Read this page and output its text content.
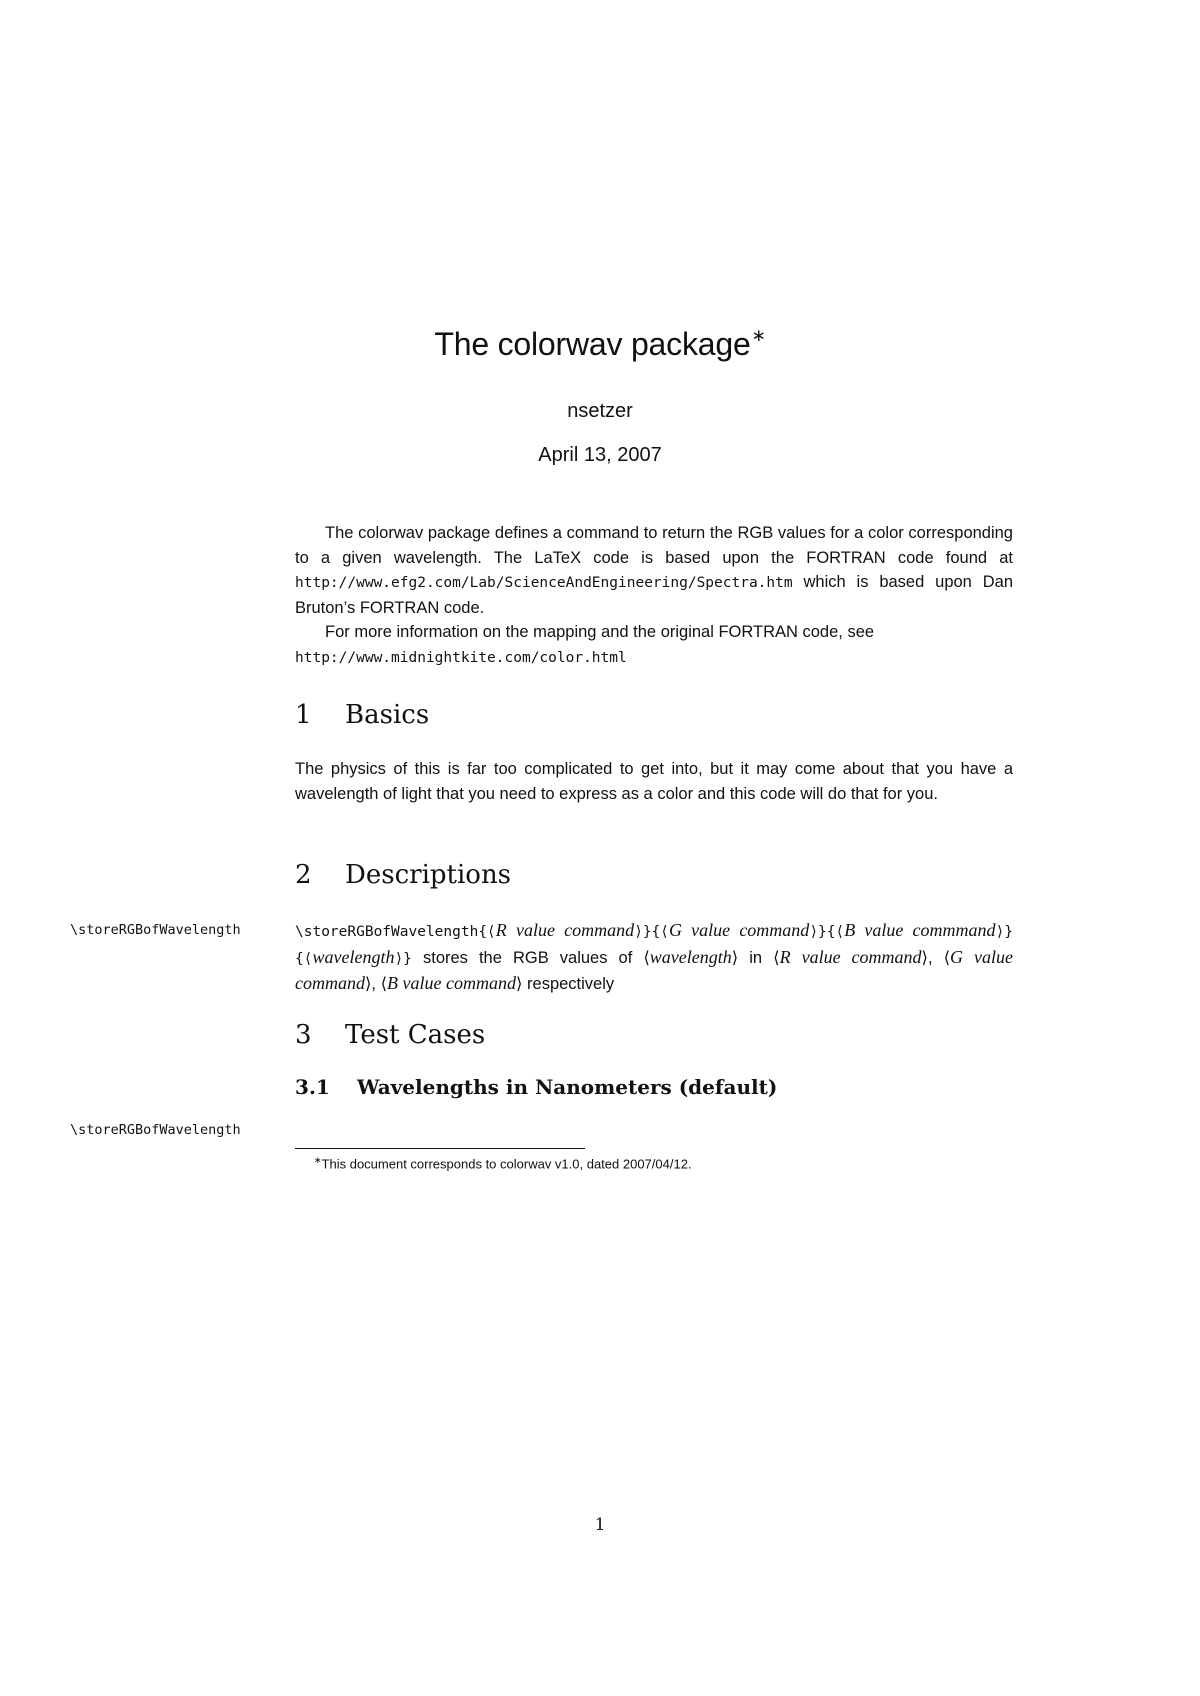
The colorwav package∗
nsetzer
April 13, 2007

The colorwav package defines a command to return the RGB values for a color corresponding to a given wavelength. The LaTeX code is based upon the FORTRAN code found at http://www.efg2.com/Lab/ScienceAndEngineering/Spectra.htm which is based upon Dan Bruton’s FORTRAN code.

For more information on the mapping and the original FORTRAN code, see http://www.midnightkite.com/color.html

1 Basics

The physics of this is far too complicated to get into, but it may come about that you have a wavelength of light that you need to express as a color and this code will do that for you.

2 Descriptions
\storeRGBofWavelength	\storeRGBofWavelength{⟨R value command⟩}{⟨G value command⟩}{⟨B value commmand⟩}{⟨wavelength⟩} stores the RGB values of ⟨wavelength⟩ in ⟨R value command⟩, ⟨G value command⟩, ⟨B value command⟩ respectively
3 Test Cases
3.1 Wavelengths in Nanometers (default)
\storeRGBofWavelength
∗This document corresponds to colorwav v1.0, dated 2007/04/12.
1
